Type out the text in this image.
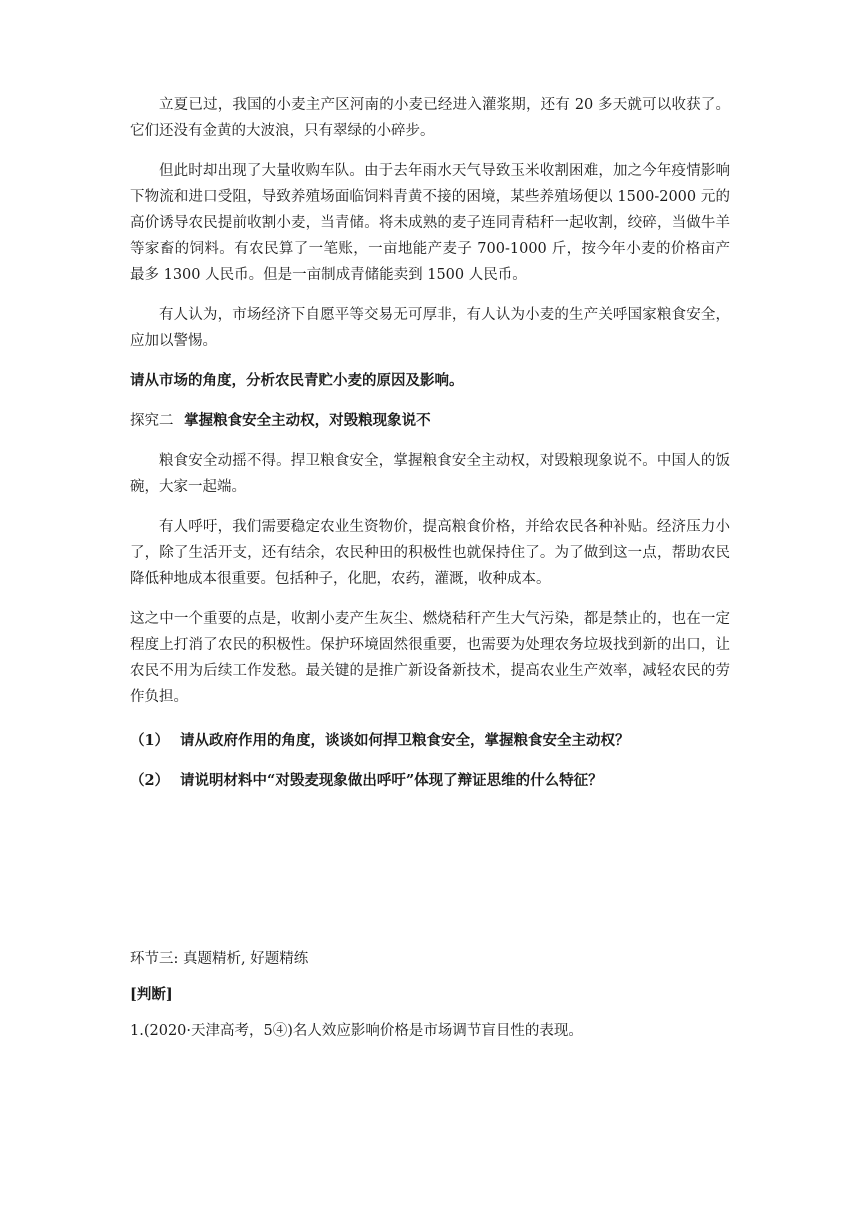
立夏已过，我国的小麦主产区河南的小麦已经进入灌浆期，还有 20 多天就可以收获了。它们还没有金黄的大波浪，只有翠绿的小碎步。

但此时却出现了大量收购车队。由于去年雨水天气导致玉米收割困难，加之今年疫情影响下物流和进口受阻，导致养殖场面临饲料青黄不接的困境，某些养殖场便以 1500-2000 元的高价诱导农民提前收割小麦，当青储。将未成熟的麦子连同青秸秆一起收割，绞碎，当做牛羊等家畜的饲料。有农民算了一笔账，一亩地能产麦子 700-1000 斤，按今年小麦的价格亩产最多 1300 人民币。但是一亩制成青储能卖到 1500 人民币。

有人认为，市场经济下自愿平等交易无可厚非，有人认为小麦的生产关呼国家粮食安全，应加以警惕。

请从市场的角度，分析农民青贮小麦的原因及影响。

探究二 掌握粮食安全主动权，对毁粮现象说不

粮食安全动摇不得。捍卫粮食安全，掌握粮食安全主动权，对毁粮现象说不。中国人的饭碗，大家一起端。

有人呼吁，我们需要稳定农业生资物价，提高粮食价格，并给农民各种补贴。经济压力小了，除了生活开支，还有结余，农民种田的积极性也就保持住了。为了做到这一点，帮助农民降低种地成本很重要。包括种子，化肥，农药，灌溉，收种成本。

这之中一个重要的点是，收割小麦产生灰尘、燃烧秸秆产生大气污染，都是禁止的，也在一定程度上打消了农民的积极性。保护环境固然很重要，也需要为处理农务垃圾找到新的出口，让农民不用为后续工作发愁。最关键的是推广新设备新技术，提高农业生产效率，减轻农民的劳作负担。

（1） 请从政府作用的角度，谈谈如何捍卫粮食安全，掌握粮食安全主动权？
（2） 请说明材料中“对毁麦现象做出呼吁”体现了辩证思维的什么特征？

环节三: 真题精析, 好题精练

[判断]

1.(2020·天津高考，5④)名人效应影响价格是市场调节盲目性的表现。
